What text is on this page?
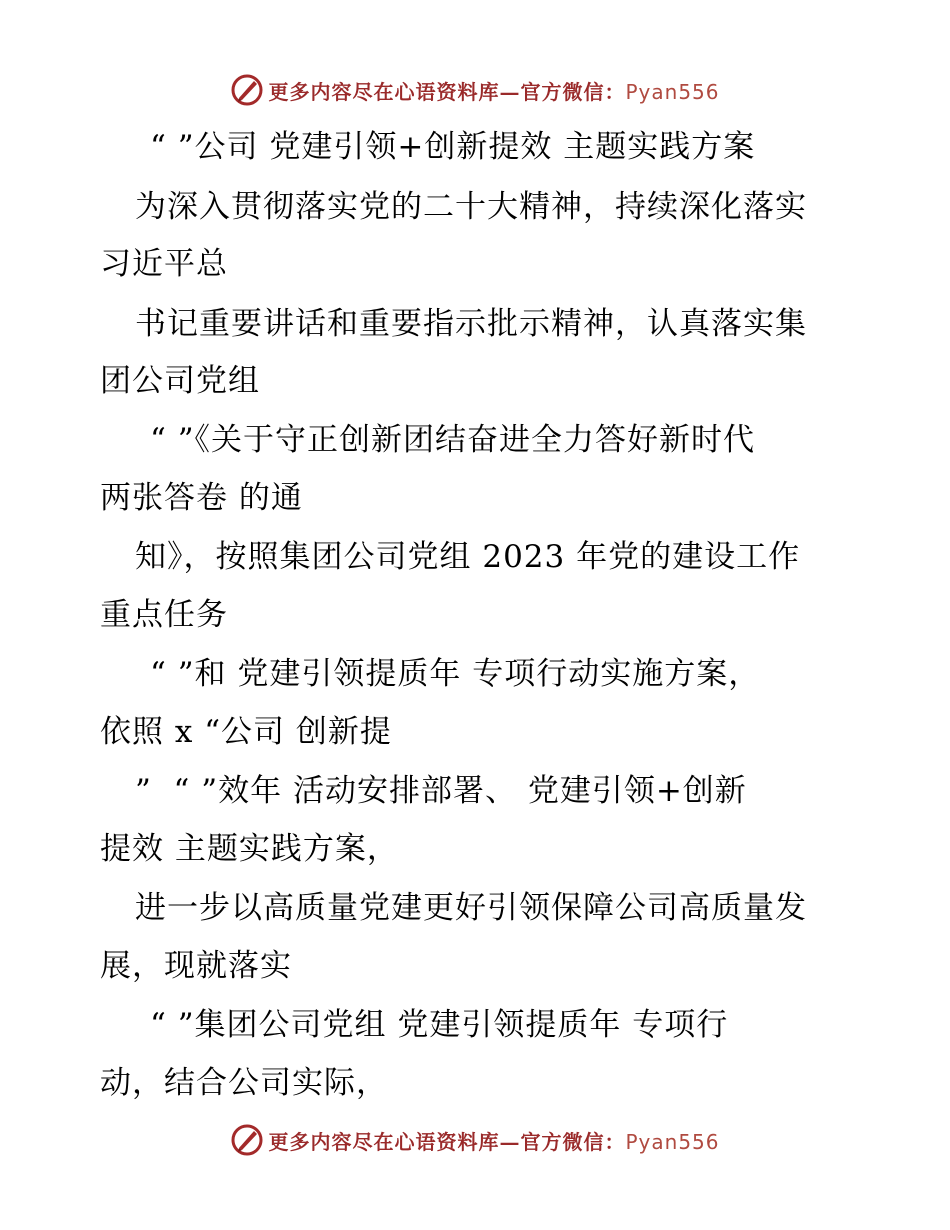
更多内容尽在心语资料库—官方微信：Pyan556
“ ”公司 党建引领+创新提效 主题实践方案
为深入贯彻落实党的二十大精神，持续深化落实
习近平总
书记重要讲话和重要指示批示精神，认真落实集
团公司党组
“ ”《关于守正创新团结奋进全力答好新时代
两张答卷 的通
知》，按照集团公司党组 2023 年党的建设工作
重点任务
“ ”和 党建引领提质年 专项行动实施方案，
依照 x “公司 创新提
”  “ ”效年 活动安排部署、 党建引领+创新
提效 主题实践方案，
进一步以高质量党建更好引领保障公司高质量发
展，现就落实
“ ”集团公司党组 党建引领提质年 专项行
动，结合公司实际，
更多内容尽在心语资料库—官方微信：Pyan556
